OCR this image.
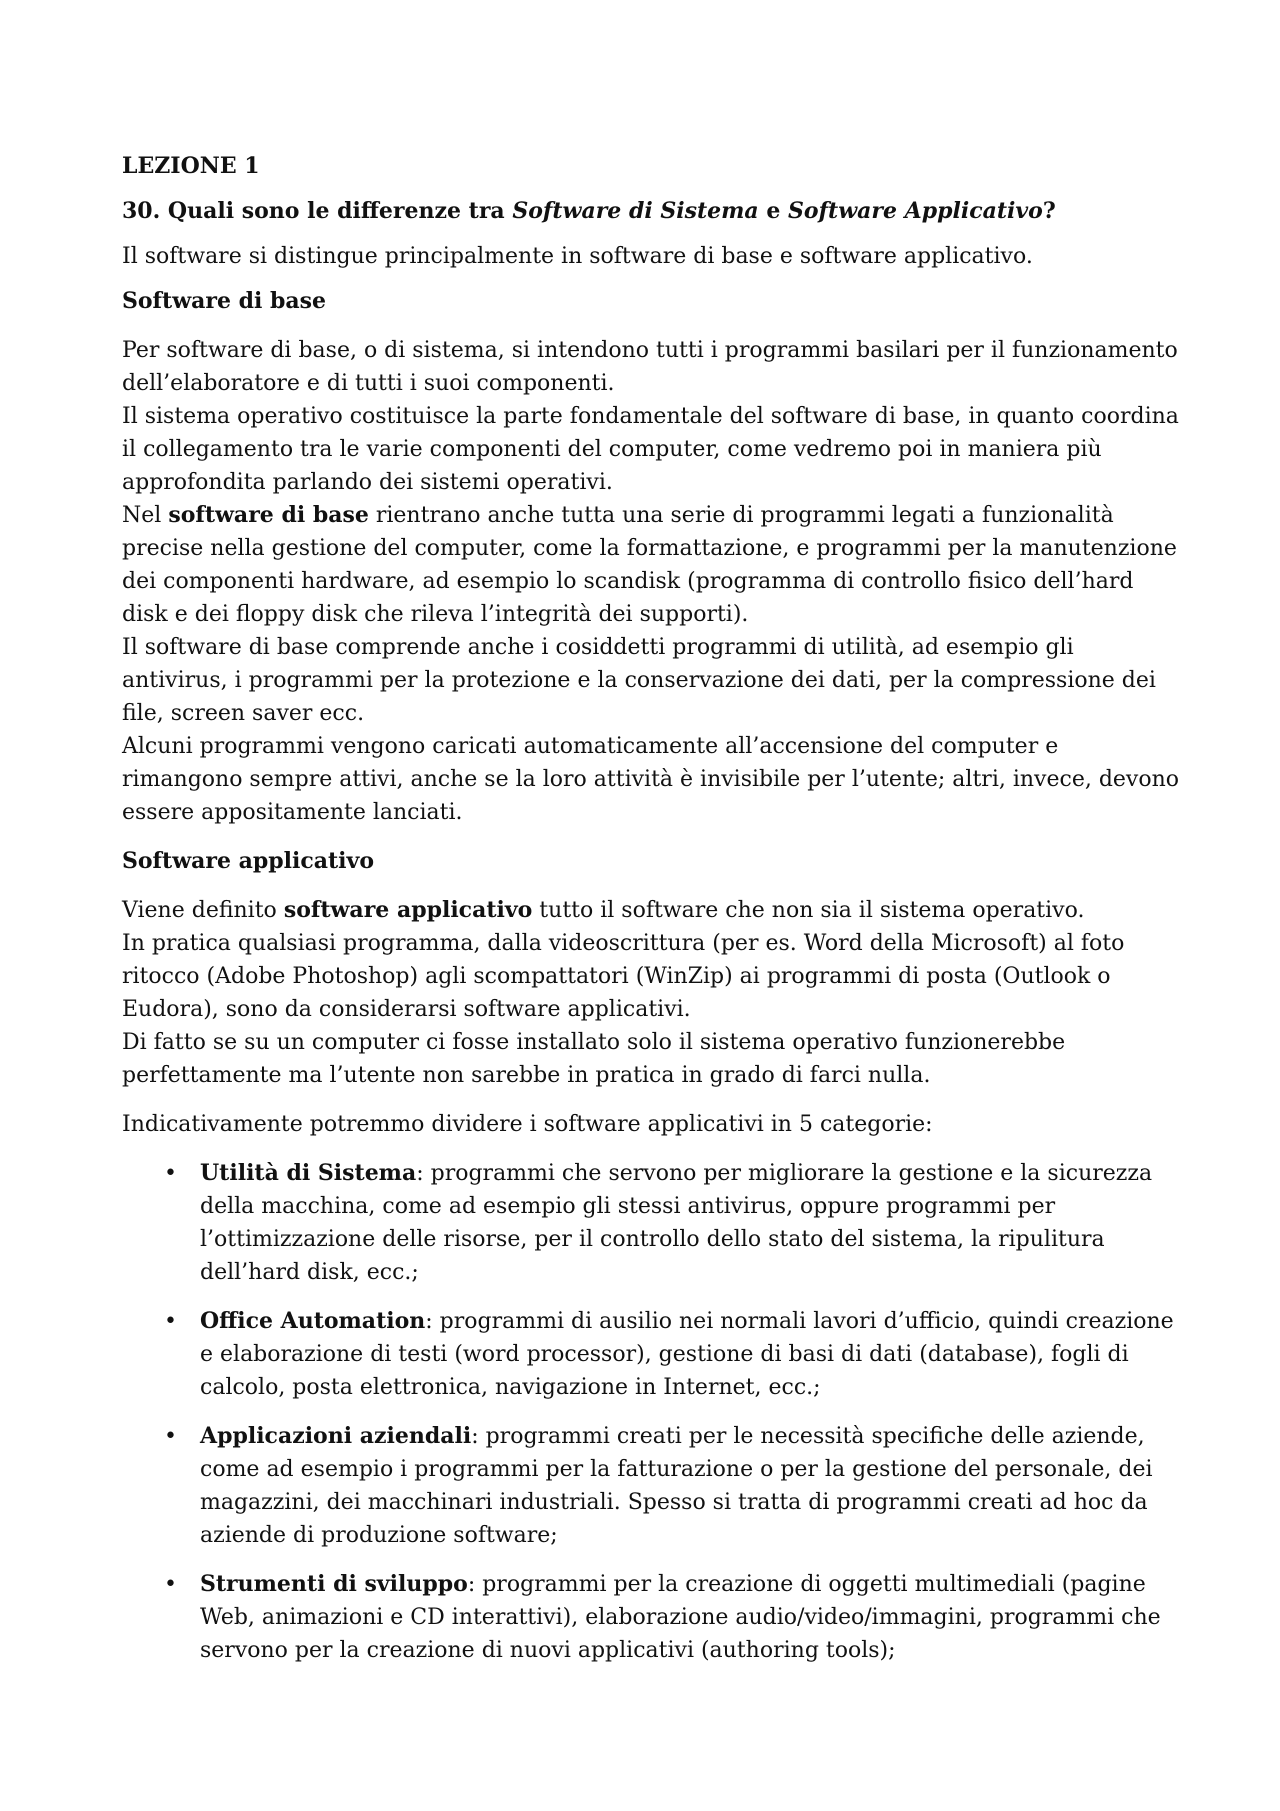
LEZIONE 1

30. Quali sono le differenze tra Software di Sistema e Software Applicativo?

Il software si distingue principalmente in software di base e software applicativo.

Software di base

Per software di base, o di sistema, si intendono tutti i programmi basilari per il funzionamento
dell’elaboratore e di tutti i suoi componenti.
Il sistema operativo costituisce la parte fondamentale del software di base, in quanto coordina
il collegamento tra le varie componenti del computer, come vedremo poi in maniera più
approfondita parlando dei sistemi operativi.
Nel software di base rientrano anche tutta una serie di programmi legati a funzionalità
precise nella gestione del computer, come la formattazione, e programmi per la manutenzione
dei componenti hardware, ad esempio lo scandisk (programma di controllo fisico dell’hard
disk e dei floppy disk che rileva l’integrità dei supporti).
Il software di base comprende anche i cosiddetti programmi di utilità, ad esempio gli
antivirus, i programmi per la protezione e la conservazione dei dati, per la compressione dei
file, screen saver ecc.
Alcuni programmi vengono caricati automaticamente all’accensione del computer e
rimangono sempre attivi, anche se la loro attività è invisibile per l’utente; altri, invece, devono
essere appositamente lanciati.

Software applicativo

Viene definito software applicativo tutto il software che non sia il sistema operativo.
In pratica qualsiasi programma, dalla videoscrittura (per es. Word della Microsoft) al foto
ritocco (Adobe Photoshop) agli scompattatori (WinZip) ai programmi di posta (Outlook o
Eudora), sono da considerarsi software applicativi.
Di fatto se su un computer ci fosse installato solo il sistema operativo funzionerebbe
perfettamente ma l’utente non sarebbe in pratica in grado di farci nulla.

Indicativamente potremmo dividere i software applicativi in 5 categorie:

• Utilità di Sistema: programmi che servono per migliorare la gestione e la sicurezza
della macchina, come ad esempio gli stessi antivirus, oppure programmi per
l’ottimizzazione delle risorse, per il controllo dello stato del sistema, la ripulitura
dell’hard disk, ecc.;
• Office Automation: programmi di ausilio nei normali lavori d’ufficio, quindi creazione
e elaborazione di testi (word processor), gestione di basi di dati (database), fogli di
calcolo, posta elettronica, navigazione in Internet, ecc.;
• Applicazioni aziendali: programmi creati per le necessità specifiche delle aziende,
come ad esempio i programmi per la fatturazione o per la gestione del personale, dei
magazzini, dei macchinari industriali. Spesso si tratta di programmi creati ad hoc da
aziende di produzione software;
• Strumenti di sviluppo: programmi per la creazione di oggetti multimediali (pagine
Web, animazioni e CD interattivi), elaborazione audio/video/immagini, programmi che
servono per la creazione di nuovi applicativi (authoring tools);
